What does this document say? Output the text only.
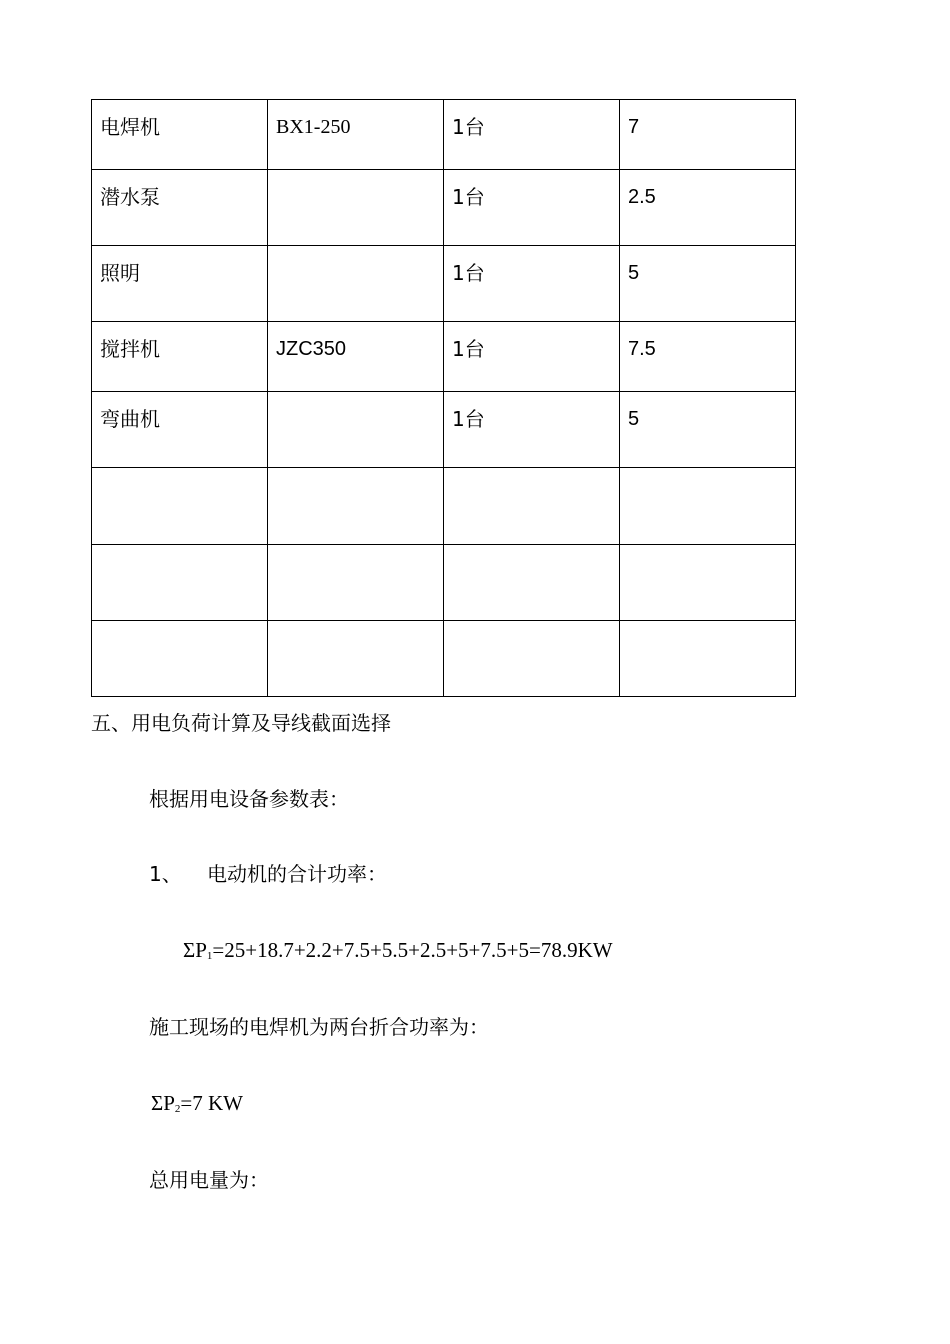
电焊机	BX1-250	1台	7

潜水泵		1台	2.5

照明		1台	5

搅拌机	JZC350	1台	7.5

弯曲机		1台	5

五、用电负荷计算及导线截面选择
根据用电设备参数表：
1、 电动机的合计功率：
$\Sigma P_1=25+18.7+2.2+7.5+5.5+2.5+5+7.5+5=78.9KW$
施工现场的电焊机为两台折合功率为：
$\Sigma P_2=7$ KW
总用电量为：
